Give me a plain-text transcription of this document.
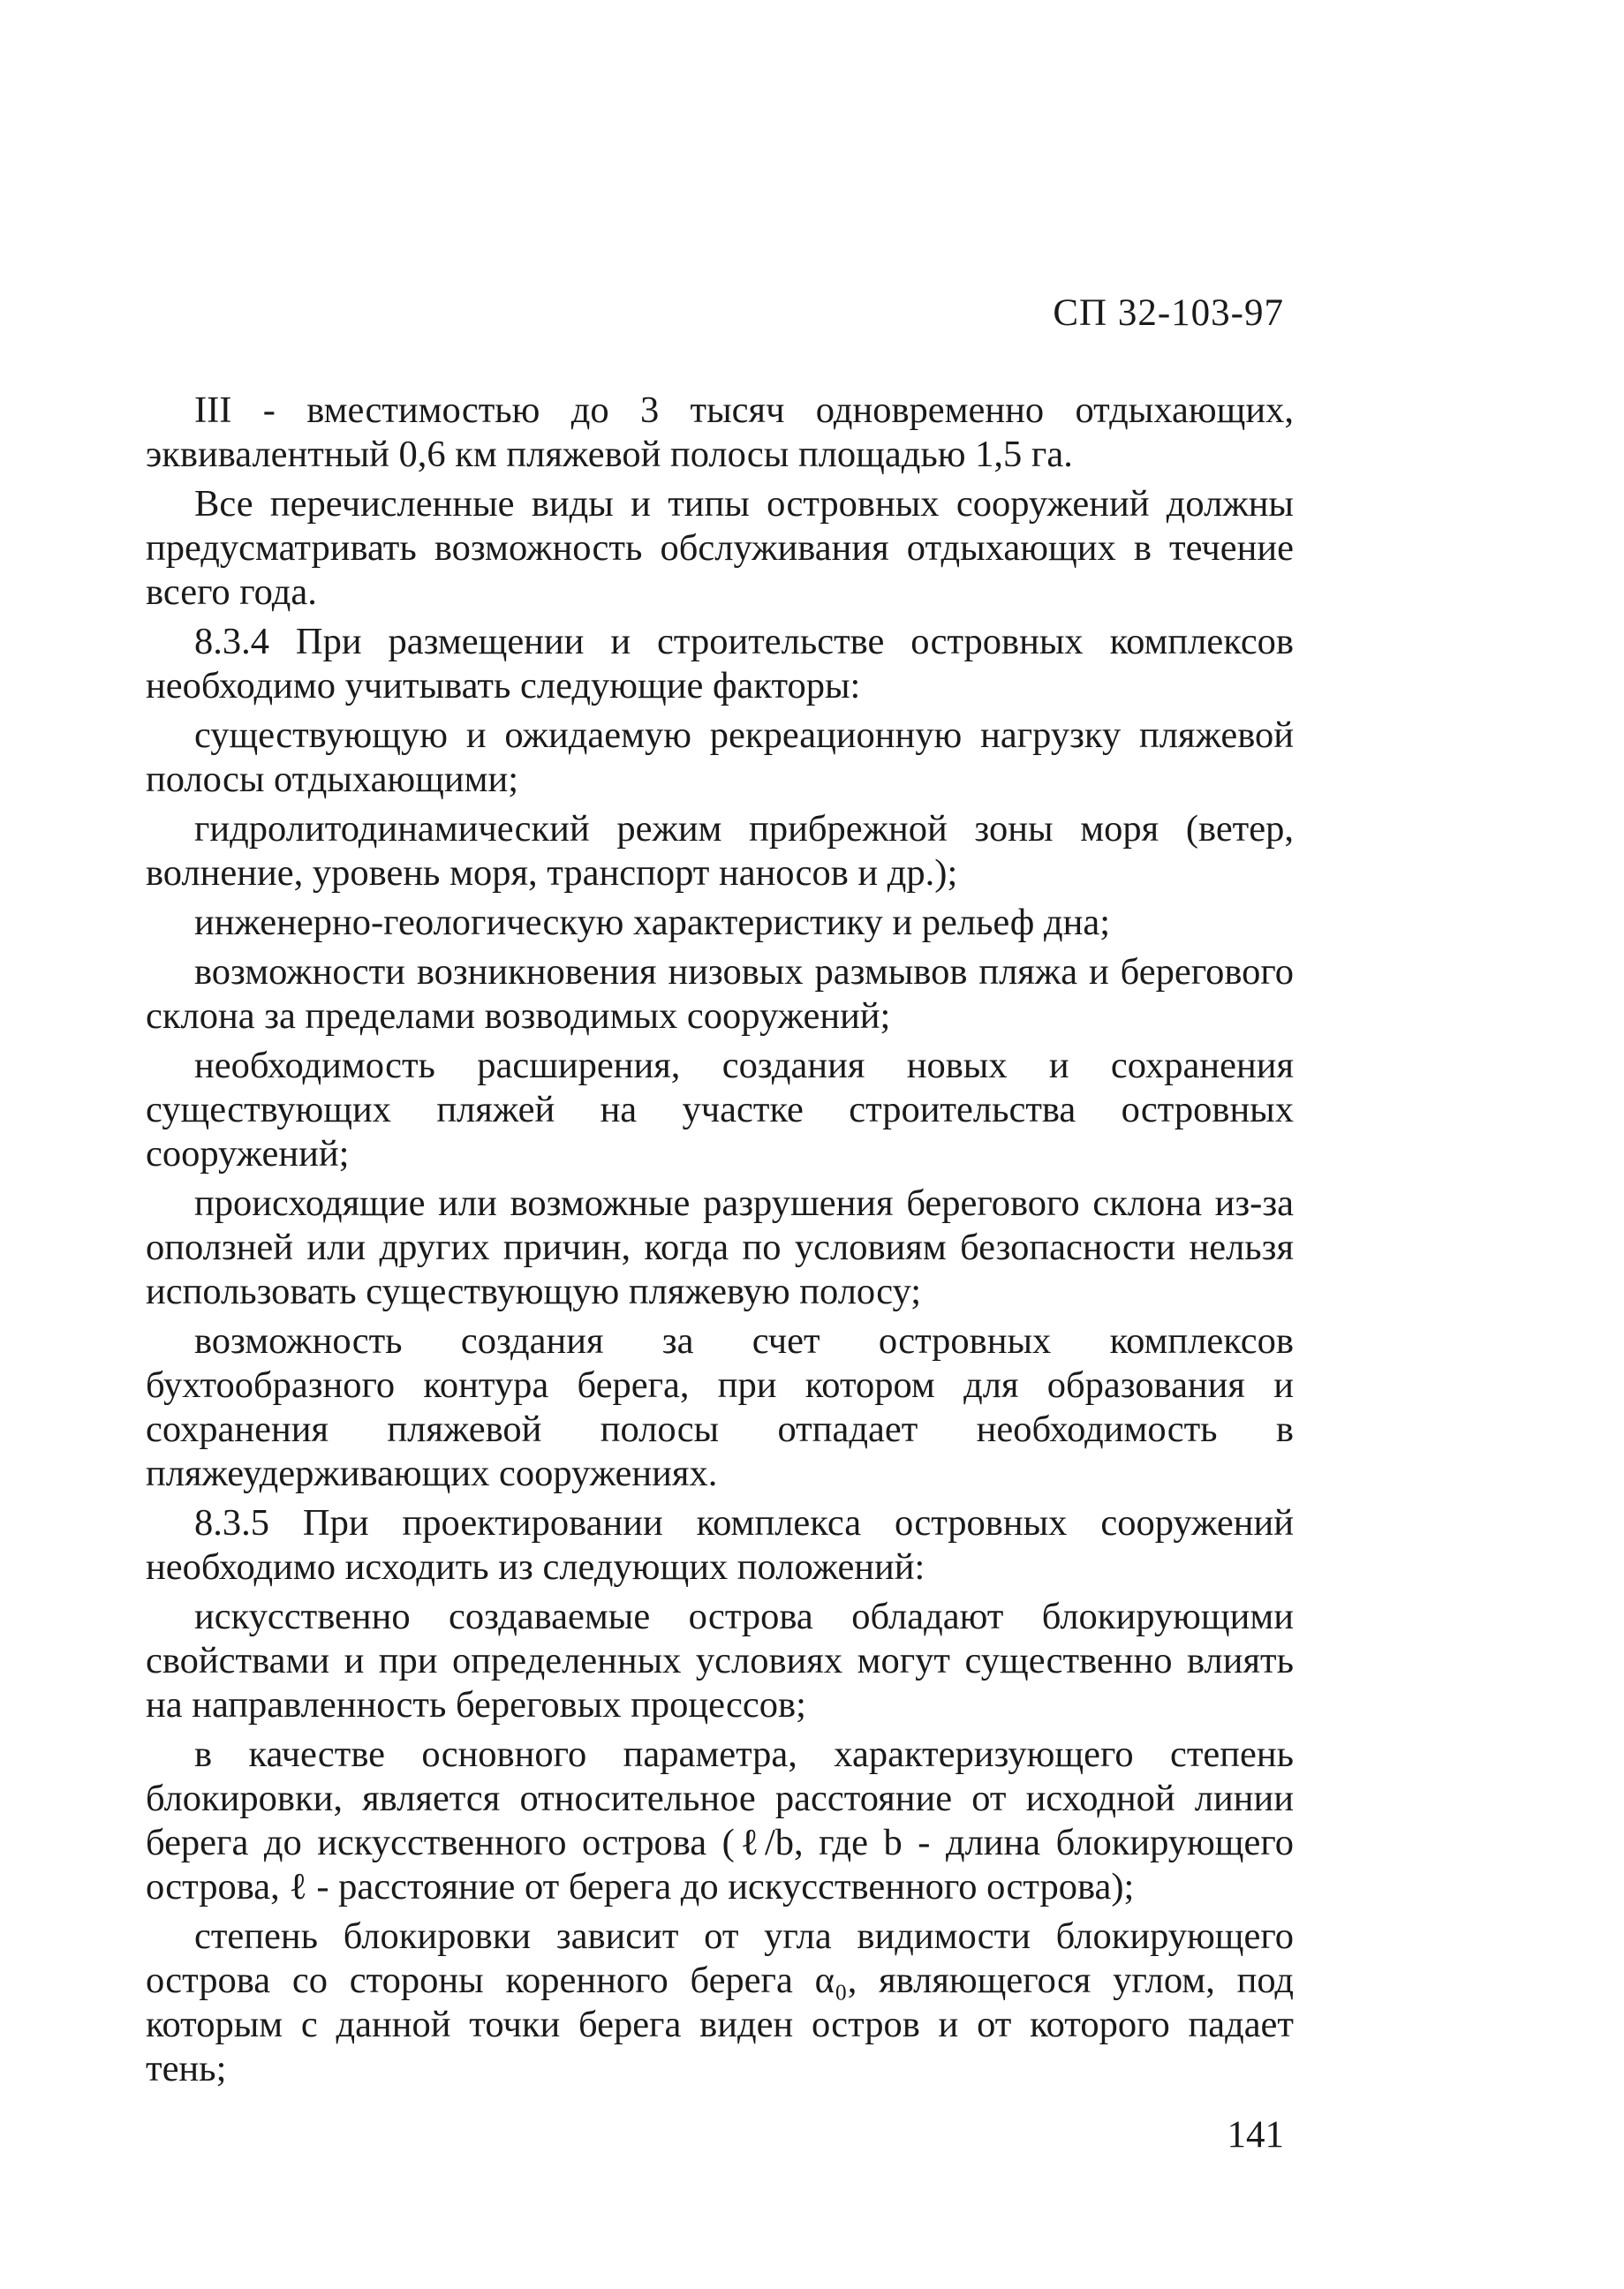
СП 32-103-97

III - вместимостью до 3 тысяч одновременно отдыхающих, эквивалентный 0,6 км пляжевой полосы площадью 1,5 га.

Все перечисленные виды и типы островных сооружений должны предусматривать возможность обслуживания отдыхающих в течение всего года.

8.3.4 При размещении и строительстве островных комплексов необходимо учитывать следующие факторы:

существующую и ожидаемую рекреационную нагрузку пляжевой полосы отдыхающими;

гидролитодинамический режим прибрежной зоны моря (ветер, волнение, уровень моря, транспорт наносов и др.);

инженерно-геологическую характеристику и рельеф дна;

возможности возникновения низовых размывов пляжа и берегового склона за пределами возводимых сооружений;

необходимость расширения, создания новых и сохранения существующих пляжей на участке строительства островных сооружений;

происходящие или возможные разрушения берегового склона из-за оползней или других причин, когда по условиям безопасности нельзя использовать существующую пляжевую полосу;

возможность создания за счет островных комплексов бухтообразного контура берега, при котором для образования и сохранения пляжевой полосы отпадает необходимость в пляжеудерживающих сооружениях.

8.3.5 При проектировании комплекса островных сооружений необходимо исходить из следующих положений:

искусственно создаваемые острова обладают блокирующими свойствами и при определенных условиях могут существенно влиять на направленность береговых процессов;

в качестве основного параметра, характеризующего степень блокировки, является относительное расстояние от исходной линии берега до искусственного острова (ℓ/b, где b - длина блокирующего острова, ℓ - расстояние от берега до искусственного острова);

степень блокировки зависит от угла видимости блокирующего острова со стороны коренного берега α₀, являющегося углом, под которым с данной точки берега виден остров и от которого падает тень;

141
